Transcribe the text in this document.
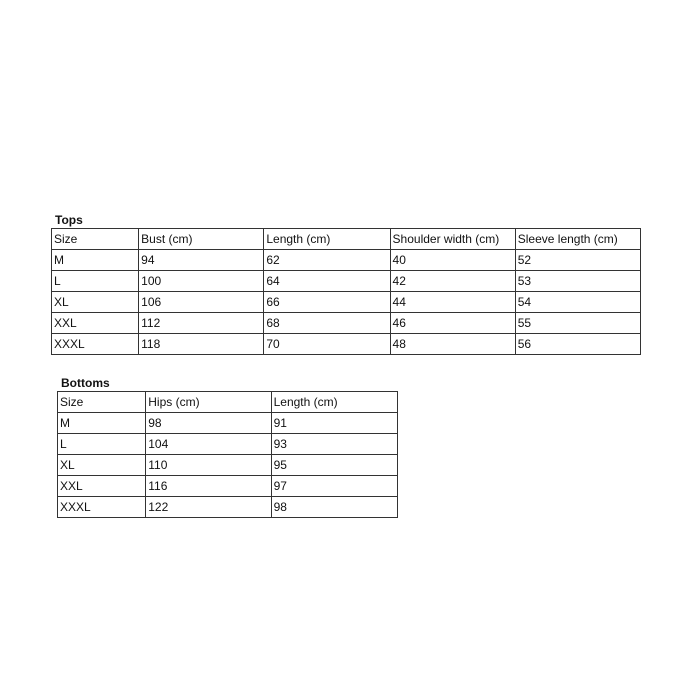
Tops
Size	Bust (cm)	Length (cm)	Shoulder width (cm)	Sleeve length (cm)
M	94	62	40	52
L	100	64	42	53
XL	106	66	44	54
XXL	112	68	46	55
XXXL	118	70	48	56
Bottoms
Size	Hips (cm)	Length (cm)
M	98	91
L	104	93
XL	110	95
XXL	116	97
XXXL	122	98
